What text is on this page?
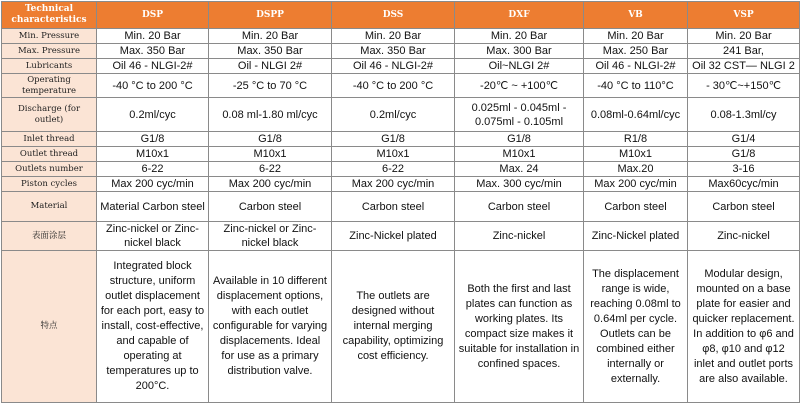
Technical characteristics	DSP	DSPP	DSS	DXF	VB	VSP
Min. Pressure	Min. 20 Bar	Min. 20 Bar	Min. 20 Bar	Min. 20 Bar	Min. 20 Bar	Min. 20 Bar
Max. Pressure	Max. 350 Bar	Max. 350 Bar	Max. 350 Bar	Max. 300 Bar	Max. 250 Bar	241 Bar,
Lubricants	Oil 46 - NLGI-2#	Oil - NLGI 2#	Oil 46 - NLGI-2#	Oil~NLGI 2#	Oil 46 - NLGI-2#	Oil 32 CST— NLGI 2
Operating temperature	-40 °C to 200 °C	-25 °C to 70 °C	-40 °C to 200 °C	-20℃ ~ +100℃	-40 °C to 110°C	- 30℃~+150℃
Discharge (for outlet)	0.2ml/cyc	0.08 ml-1.80 ml/cyc	0.2ml/cyc	0.025ml - 0.045ml - 0.075ml - 0.105ml	0.08ml-0.64ml/cyc	0.08-1.3ml/cy
Inlet thread	G1/8	G1/8	G1/8	G1/8	R1/8	G1/4
Outlet thread	M10x1	M10x1	M10x1	M10x1	M10x1	G1/8
Outlets number	6-22	6-22	6-22	Max. 24	Max.20	3-16
Piston cycles	Max 200 cyc/min	Max 200 cyc/min	Max 200 cyc/min	Max. 300 cyc/min	Max 200 cyc/min	Max60cyc/min
Material	Material Carbon steel	Carbon steel	Carbon steel	Carbon steel	Carbon steel	Carbon steel
表面涂层	Zinc-nickel or Zinc-nickel black	Zinc-nickel or Zinc-nickel black	Zinc-Nickel plated	Zinc-nickel	Zinc-Nickel plated	Zinc-nickel
特点	Integrated block structure, uniform outlet displacement for each port, easy to install, cost-effective, and capable of operating at temperatures up to 200°C.	Available in 10 different displacement options, with each outlet configurable for varying displacements. Ideal for use as a primary distribution valve.	The outlets are designed without internal merging capability, optimizing cost efficiency.	Both the first and last plates can function as working plates. Its compact size makes it suitable for installation in confined spaces.	The displacement range is wide, reaching 0.08ml to 0.64ml per cycle. Outlets can be combined either internally or externally.	Modular design, mounted on a base plate for easier and quicker replacement. In addition to φ6 and φ8, φ10 and φ12 inlet and outlet ports are also available.
